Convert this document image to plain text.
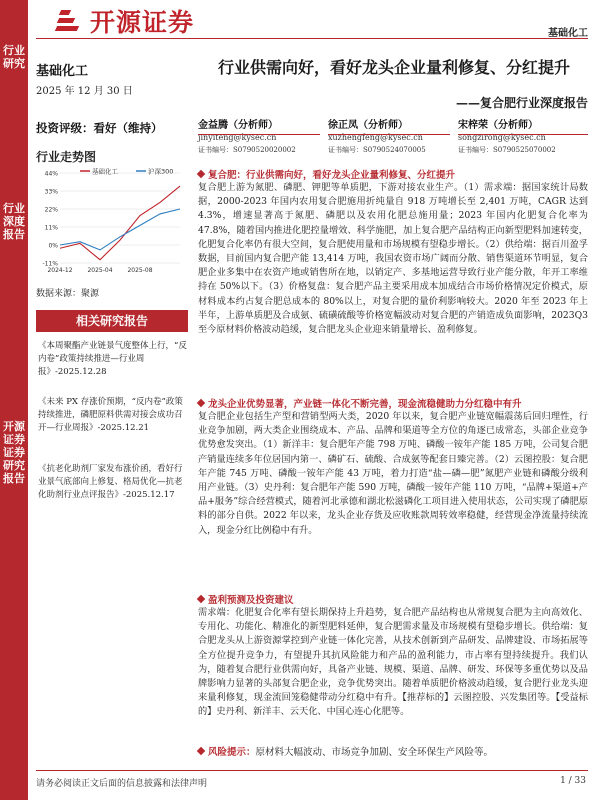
行业研究
行业深度报告
开源证券 证券研究报告
开源证券	基础化工
基础化工
2025 年 12 月 30 日
投资评级：看好（维持）
行业走势图
44%
33%
22%
11%
0%
-11%
2024-12 2025-04 2025-08
基础化工	沪深300
数据来源：聚源
相关研究报告
《本周聚酯产业链景气度整体上行，“反内卷”政策持续推进—行业周报》-2025.12.28
《未来 PX 存涨价预期，“反内卷”政策持续推进，磷肥原料供需对接会成功召开—行业周报》-2025.12.21
《抗老化助剂厂家发布涨价函，看好行业景气底部向上修复、格局优化—抗老化助剂行业点评报告》-2025.12.17
行业供需向好，看好龙头企业量利修复、分红提升
——复合肥行业深度报告
金益腾（分析师）
jinyiteng@kysec.cn
证书编号：S0790520020002
徐正凤（分析师）
xuzhengfeng@kysec.cn
证书编号：S0790524070005
宋梓荣（分析师）
songzirong@kysec.cn
证书编号：S0790525070002
复合肥：行业供需向好，看好龙头企业量利修复、分红提升
复合肥上游为氮肥、磷肥、钾肥等单质肥，下游对接农业生产。（1）需求端：据国家统计局数据，2000-2023 年国内农用复合肥施用折纯量自 918 万吨增长至 2,401 万吨，CAGR 达到 4.3%，增速显著高于氮肥、磷肥以及农用化肥总施用量；2023 年国内化肥复合化率为 47.8%，随着国内推进化肥控量增效、科学施肥，加上复合肥产品结构正向新型肥料加速转变，化肥复合化率仍有很大空间，复合肥使用量和市场规模有望稳步增长。（2）供给端：据百川盈孚数据，目前国内复合肥产能 13,414 万吨，我国农资市场广阔而分散、销售渠道环节明显，复合肥企业多集中在农资产地或销售所在地，以销定产、多基地运营导致行业产能分散，年开工率维持在 50%以下。（3）价格复盘：复合肥产品主要采用成本加成结合市场价格情况定价模式，原材料成本约占复合肥总成本的 80%以上，对复合肥的量价利影响较大。2020 年至 2023 年上半年，上游单质肥及合成氨、硫磺硫酸等价格宽幅波动对复合肥的产销造成负面影响，2023Q3 至今原材料价格波动趋缓，复合肥龙头企业迎来销量增长、盈利修复。
龙头企业优势显著，产业链一体化不断完善，现金流稳健助力分红稳中有升
复合肥企业包括生产型和营销型两大类，2020 年以来，复合肥产业链宽幅震荡后回归理性，行业竞争加剧，两大类企业围绕成本、产品、品牌和渠道等全方位的角逐已成常态，头部企业竞争优势愈发突出。（1）新洋丰：复合肥年产能 798 万吨、磷酸一铵年产能 185 万吨，公司复合肥产销量连续多年位居国内第一、磷矿石、硫酸、合成氨等配套日臻完善。（2）云图控股：复合肥年产能 745 万吨、磷酸一铵年产能 43 万吨，着力打造“盐—磷—肥”氮肥产业链和磷酸分级利用产业链。（3）史丹利：复合肥年产能 590 万吨，磷酸一铵年产能 110 万吨，“品牌+渠道+产品+服务”综合经营模式，随着河北承德和湖北松滋磷化工项目进入使用状态，公司实现了磷肥原料的部分自供。2022 年以来，龙头企业存货及应收账款周转效率稳健，经营现金净流量持续流入，现金分红比例稳中有升。
盈利预测及投资建议
需求端：化肥复合化率有望长期保持上升趋势，复合肥产品结构也从常规复合肥为主向高效化、专用化、功能化、精准化的新型肥料延伸，复合肥需求量及市场规模有望稳步增长。供给端：复合肥龙头从上游资源掌控到产业链一体化完善，从技术创新到产品研发、品牌建设、市场拓展等全方位提升竞争力，有望提升其抗风险能力和产品的盈利能力，市占率有望持续提升。我们认为，随着复合肥行业供需向好，具备产业链、规模、渠道、品牌、研发、环保等多重优势以及品牌影响力显著的头部复合肥企业，竞争优势突出。随着单质肥价格波动趋缓，复合肥行业龙头迎来量利修复，现金流回笼稳健带动分红稳中有升。【推荐标的】云图控股、兴发集团等。【受益标的】史丹利、新洋丰、云天化、中国心连心化肥等。
风险提示：原材料大幅波动、市场竞争加剧、安全环保生产风险等。
请务必阅读正文后面的信息披露和法律声明	1 / 33
